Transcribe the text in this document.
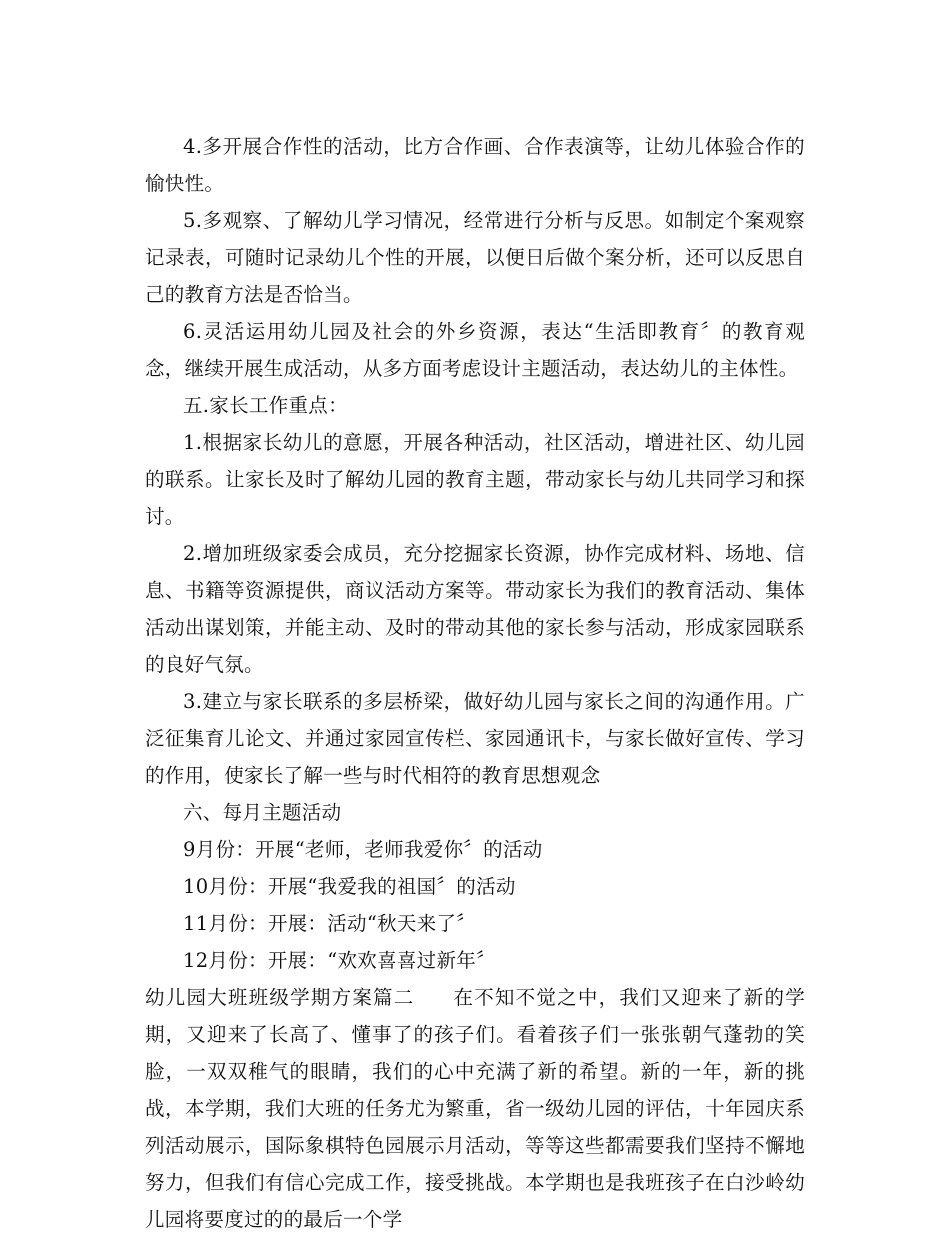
4.多开展合作性的活动，比方合作画、合作表演等，让幼儿体验合作的愉快性。

5.多观察、了解幼儿学习情况，经常进行分析与反思。如制定个案观察记录表，可随时记录幼儿个性的开展，以便日后做个案分析，还可以反思自己的教育方法是否恰当。

6.灵活运用幼儿园及社会的外乡资源，表达“生活即教育〞的教育观念，继续开展生成活动，从多方面考虑设计主题活动，表达幼儿的主体性。

五.家长工作重点：

1.根据家长幼儿的意愿，开展各种活动，社区活动，增进社区、幼儿园的联系。让家长及时了解幼儿园的教育主题，带动家长与幼儿共同学习和探讨。

2.增加班级家委会成员，充分挖掘家长资源，协作完成材料、场地、信息、书籍等资源提供，商议活动方案等。带动家长为我们的教育活动、集体活动出谋划策，并能主动、及时的带动其他的家长参与活动，形成家园联系的良好气氛。

3.建立与家长联系的多层桥梁，做好幼儿园与家长之间的沟通作用。广泛征集育儿论文、并通过家园宣传栏、家园通讯卡，与家长做好宣传、学习的作用，使家长了解一些与时代相符的教育思想观念

六、每月主题活动

9月份：开展“老师，老师我爱你〞的活动

10月份：开展“我爱我的祖国〞的活动

11月份：开展：活动“秋天来了〞

12月份：开展：“欢欢喜喜过新年〞

幼儿园大班班级学期方案篇二 在不知不觉之中，我们又迎来了新的学期，又迎来了长高了、懂事了的孩子们。看着孩子们一张张朝气蓬勃的笑脸，一双双稚气的眼睛，我们的心中充满了新的希望。新的一年，新的挑战，本学期，我们大班的任务尤为繁重，省一级幼儿园的评估，十年园庆系列活动展示，国际象棋特色园展示月活动，等等这些都需要我们坚持不懈地努力，但我们有信心完成工作，接受挑战。本学期也是我班孩子在白沙岭幼儿园将要度过的的最后一个学
